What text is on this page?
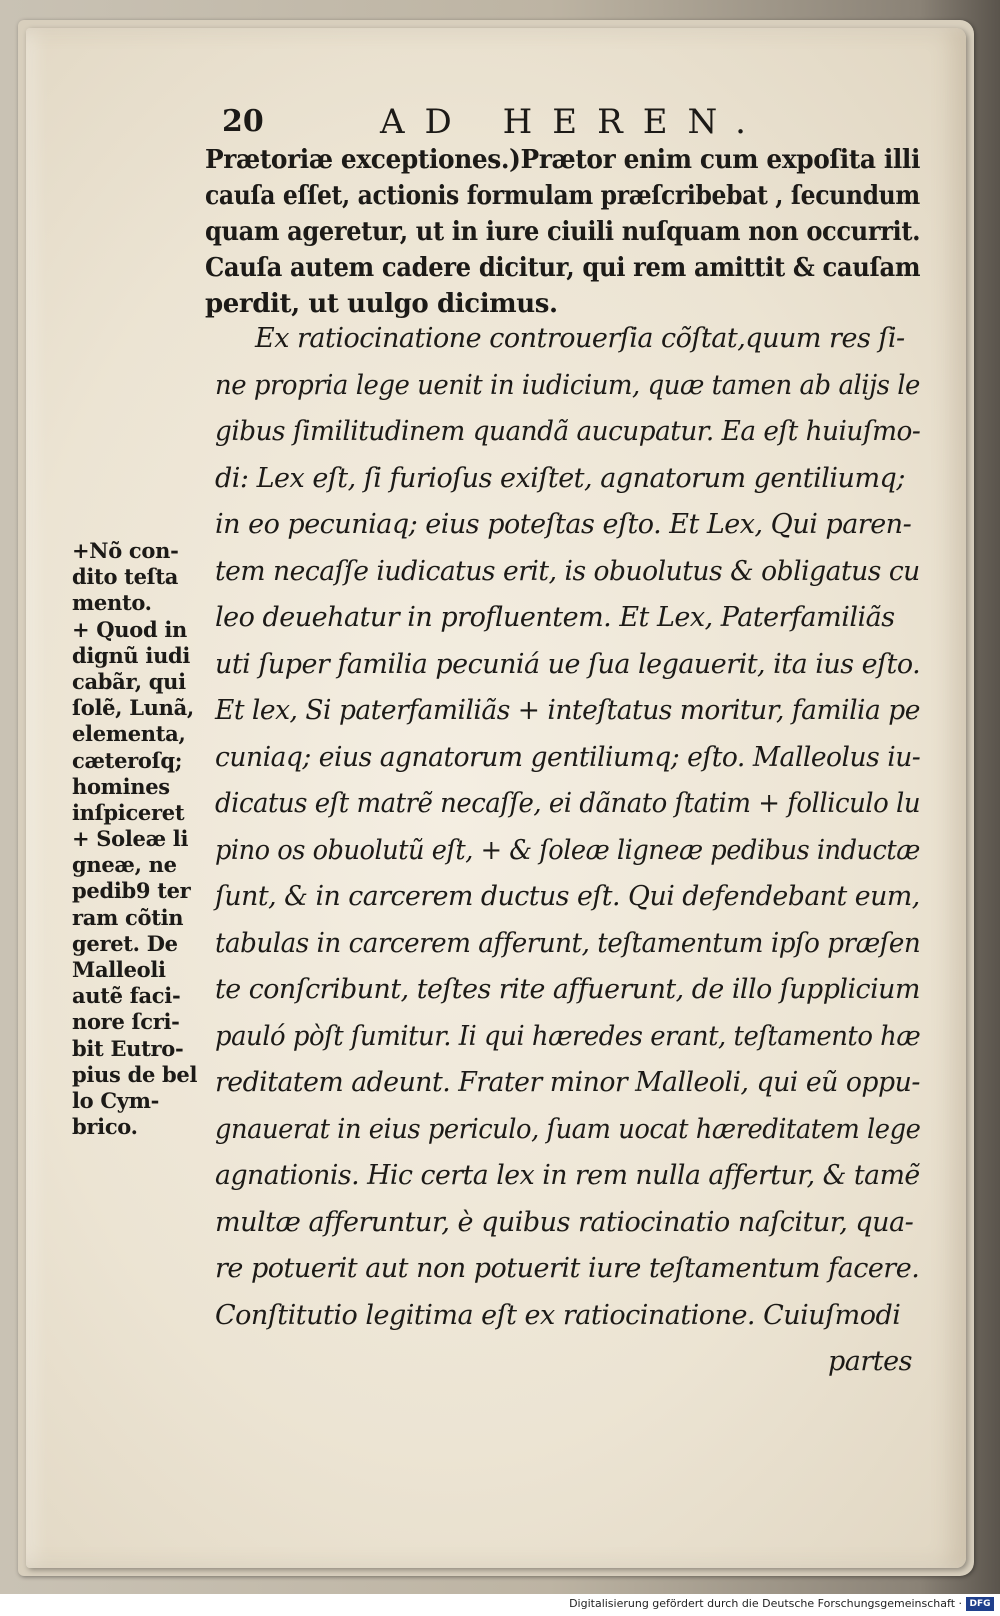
20	AD HEREN.
Prætoriæ exceptiones.)Prætor enim cum expoſita illi
cauſa eſſet, actionis formulam præſcribebat , ſecundum
quam ageretur, ut in iure ciuili nuſquam non occurrit.
Cauſa autem cadere dicitur, qui rem amittit & cauſam
perdit, ut uulgo dicimus.
Ex ratiocinatione controuerſia cõſtat,quum res ſi-
ne propria lege uenit in iudicium, quæ tamen ab alijs le
gibus ſimilitudinem quandã aucupatur. Ea eſt huiuſmo-
di: Lex eſt, ſi furioſus exiſtet, agnatorum gentiliumq;
in eo pecuniaq; eius poteſtas eſto. Et Lex, Qui paren-
tem necaſſe iudicatus erit, is obuolutus & obligatus cu
leo deuehatur in profluentem. Et Lex, Paterfamiliãs
uti ſuper familia pecuniá ue ſua legauerit, ita ius eſto.
Et lex, Si paterfamiliãs + inteſtatus moritur, familia pe
cuniaq; eius agnatorum gentiliumq; eſto. Malleolus iu-
dicatus eſt matrẽ necaſſe, ei dãnato ſtatim + folliculo lu
pino os obuolutũ eſt, + & ſoleæ ligneæ pedibus inductæ
ſunt, & in carcerem ductus eſt. Qui defendebant eum,
tabulas in carcerem afferunt, teſtamentum ipſo præſen
te conſcribunt, teſtes rite affuerunt, de illo ſupplicium
pauló pòſt ſumitur. Ii qui hæredes erant, teſtamento hæ
reditatem adeunt. Frater minor Malleoli, qui eũ oppu-
gnauerat in eius periculo, ſuam uocat hæreditatem lege
agnationis. Hic certa lex in rem nulla affertur, & tamẽ
multæ afferuntur, è quibus ratiocinatio naſcitur, qua-
re potuerit aut non potuerit iure teſtamentum facere.
Conſtitutio legitima eſt ex ratiocinatione. Cuiuſmodi
partes
+Nõ con-
dito teſta
mento.
+ Quod in
dignũ iudi
cabãr, qui
ſolẽ, Lunã,
elementa,
cæteroſq;
homines
inſpiceret
+ Soleæ li
gneæ, ne
pedib9 ter
ram cõtin
geret. De
Malleoli
autẽ faci-
nore ſcri-
bit Eutro-
pius de bel
lo Cym-
brico.
Digitalisierung gefördert durch die Deutsche Forschungsgemeinschaft · DFG
